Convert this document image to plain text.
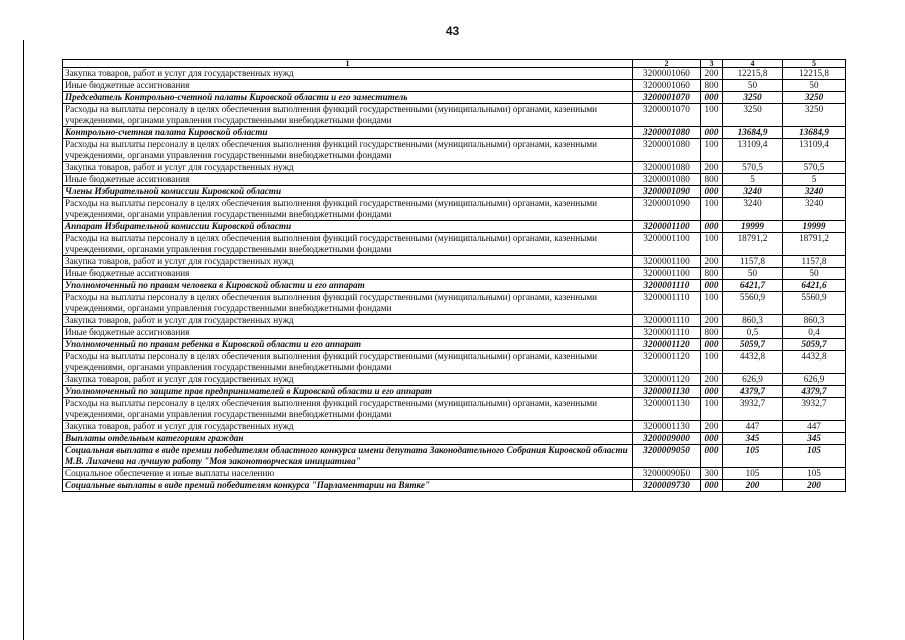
43
1	2	3	4	5
Закупка товаров, работ и услуг для государственных нужд	3200001060	200	12215,8	12215,8
Иные бюджетные ассигнования	3200001060	800	50	50
Председатель Контрольно-счетной палаты Кировской области и его заместитель	3200001070	000	3250	3250
Расходы на выплаты персоналу в целях обеспечения выполнения функций государственными (муниципальными) органами, казенными учреждениями, органами управления государственными внебюджетными фондами	3200001070	100	3250	3250
Контрольно-счетная палата Кировской области	3200001080	000	13684,9	13684,9
Расходы на выплаты персоналу в целях обеспечения выполнения функций государственными (муниципальными) органами, казенными учреждениями, органами управления государственными внебюджетными фондами	3200001080	100	13109,4	13109,4
Закупка товаров, работ и услуг для государственных нужд	3200001080	200	570,5	570,5
Иные бюджетные ассигнования	3200001080	800	5	5
Члены Избирательной комиссии Кировской области	3200001090	000	3240	3240
Расходы на выплаты персоналу в целях обеспечения выполнения функций государственными (муниципальными) органами, казенными учреждениями, органами управления государственными внебюджетными фондами	3200001090	100	3240	3240
Аппарат Избирательной комиссии Кировской области	3200001100	000	19999	19999
Расходы на выплаты персоналу в целях обеспечения выполнения функций государственными (муниципальными) органами, казенными учреждениями, органами управления государственными внебюджетными фондами	3200001100	100	18791,2	18791,2
Закупка товаров, работ и услуг для государственных нужд	3200001100	200	1157,8	1157,8
Иные бюджетные ассигнования	3200001100	800	50	50
Уполномоченный по правам человека в Кировской области и его аппарат	3200001110	000	6421,7	6421,6
Расходы на выплаты персоналу в целях обеспечения выполнения функций государственными (муниципальными) органами, казенными учреждениями, органами управления государственными внебюджетными фондами	3200001110	100	5560,9	5560,9
Закупка товаров, работ и услуг для государственных нужд	3200001110	200	860,3	860,3
Иные бюджетные ассигнования	3200001110	800	0,5	0,4
Уполномоченный по правам ребенка в Кировской области и его аппарат	3200001120	000	5059,7	5059,7
Расходы на выплаты персоналу в целях обеспечения выполнения функций государственными (муниципальными) органами, казенными учреждениями, органами управления государственными внебюджетными фондами	3200001120	100	4432,8	4432,8
Закупка товаров, работ и услуг для государственных нужд	3200001120	200	626,9	626,9
Уполномоченный по защите прав предпринимателей в Кировской области и его аппарат	3200001130	000	4379,7	4379,7
Расходы на выплаты персоналу в целях обеспечения выполнения функций государственными (муниципальными) органами, казенными учреждениями, органами управления государственными внебюджетными фондами	3200001130	100	3932,7	3932,7
Закупка товаров, работ и услуг для государственных нужд	3200001130	200	447	447
Выплаты отдельным категориям граждан	3200009000	000	345	345
Социальная выплата в виде премии победителям областного конкурса имени депутата Законодательного Собрания Кировской области М.В. Лихачева на лучшую работу "Моя законотворческая инициатива"	3200009050	000	105	105
Социальное обеспечение и иные выплаты населению	32000090Б0	300	105	105
Социальные выплаты в виде премий победителям конкурса "Парламентарии на Вятке"	3200009730	000	200	200
